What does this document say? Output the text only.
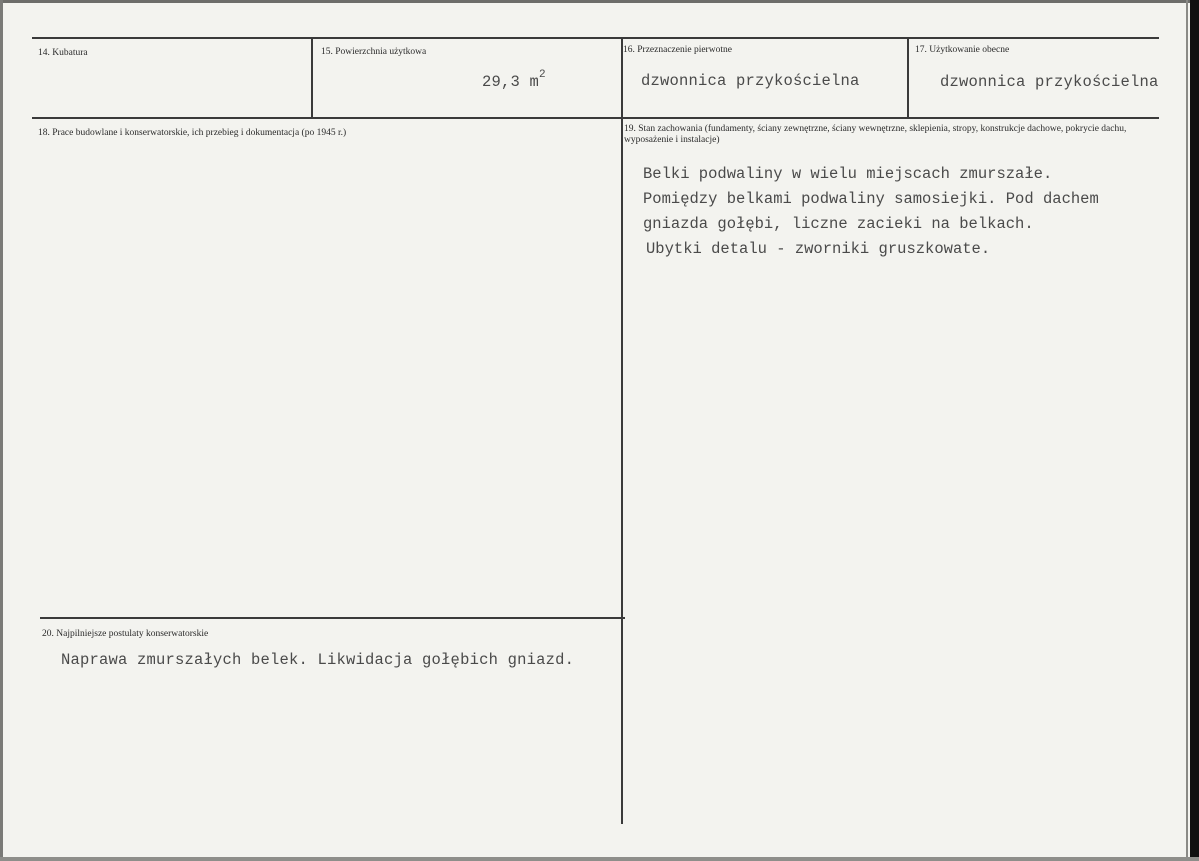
14. Kubatura	15. Powierzchnia użytkowa
29,3 $m^2$
16. Przeznaczenie pierwotne
dzwonnica przykościelna
17. Użytkowanie obecne
dzwonnica przykościelna
18. Prace budowlane i konserwatorskie, ich przebieg i dokumentacja (po 1945 r.)	19. Stan zachowania (fundamenty, ściany zewnętrzne, ściany wewnętrzne, sklepienia, stropy, konstrukcje dachowe, pokrycie dachu, wyposażenie i instalacje)
Belki podwaliny w wielu miejscach zmurszałe.
Pomiędzy belkami podwaliny samosiejki. Pod dachem
gniazda gołębi, liczne zacieki na belkach.
Ubytki detalu - zworniki gruszkowate.
20. Najpilniejsze postulaty konserwatorskie
Naprawa zmurszałych belek. Likwidacja gołębich gniazd.
